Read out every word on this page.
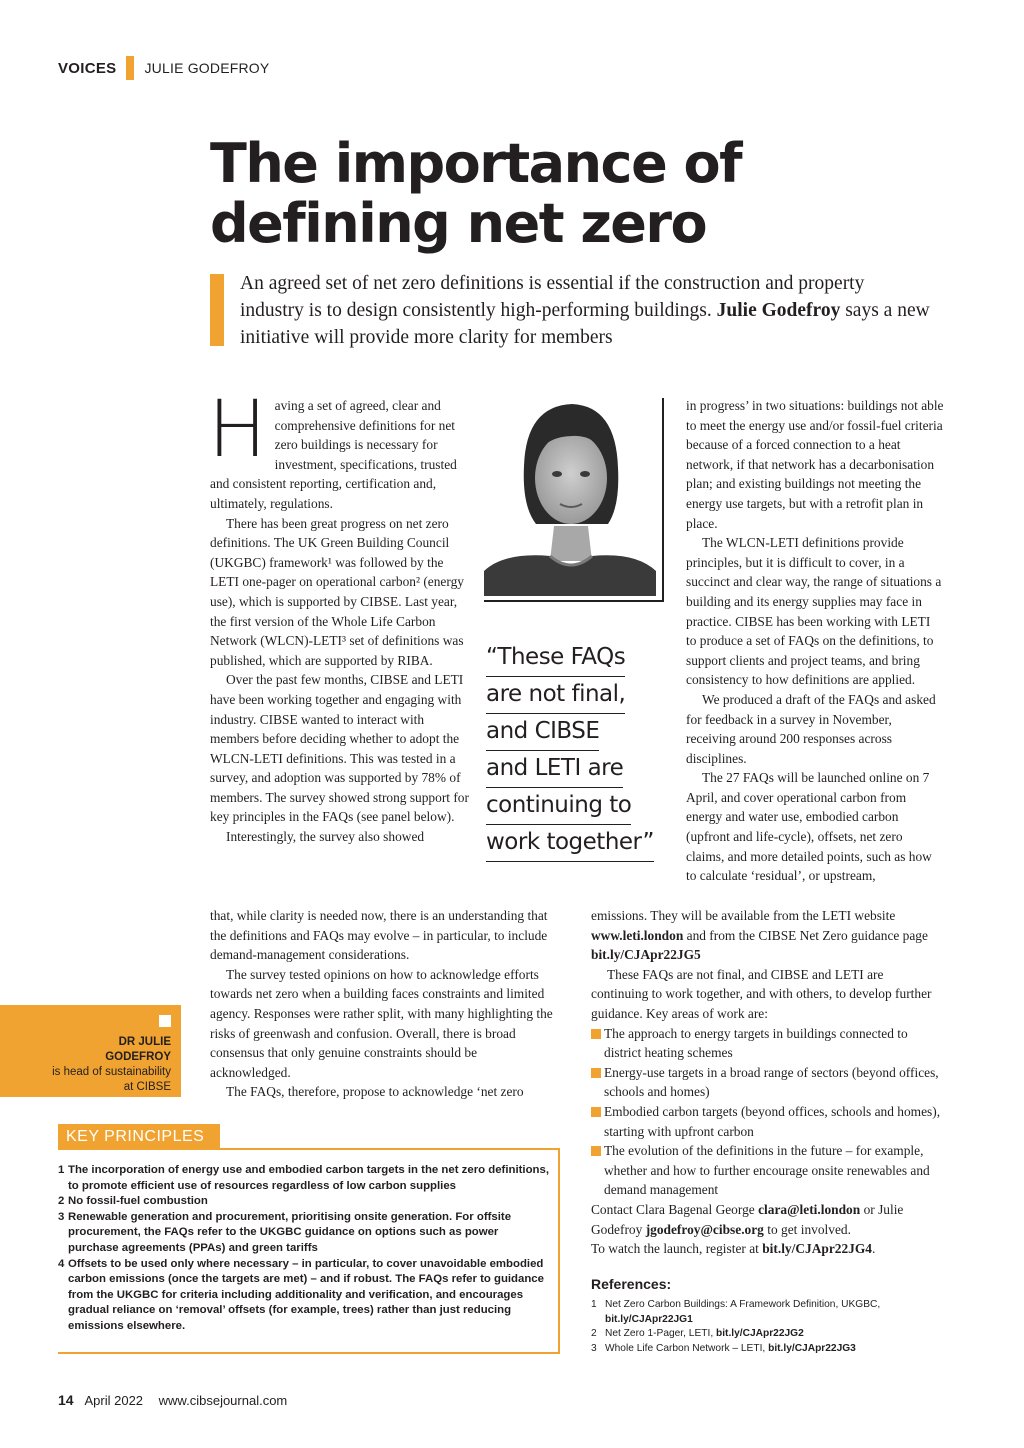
VOICES JULIE GODEFROY
The importance of
defining net zero

An agreed set of net zero definitions is essential if the construction and property industry is to design consistently high-performing buildings. Julie Godefroy says a new initiative will provide more clarity for members

Having a set of agreed, clear and comprehensive definitions for net zero buildings is necessary for investment, specifications, trusted and consistent reporting, certification and, ultimately, regulations.

There has been great progress on net zero definitions. The UK Green Building Council (UKGBC) framework¹ was followed by the LETI one-pager on operational carbon² (energy use), which is supported by CIBSE. Last year, the first version of the Whole Life Carbon Network (WLCN)-LETI³ set of definitions was published, which are supported by RIBA.

Over the past few months, CIBSE and LETI have been working together and engaging with industry. CIBSE wanted to interact with members before deciding whether to adopt the WLCN-LETI definitions. This was tested in a survey, and adoption was supported by 78% of members. The survey showed strong support for key principles in the FAQs (see panel below).

Interestingly, the survey also showed

that, while clarity is needed now, there is an understanding that the definitions and FAQs may evolve – in particular, to include demand-management considerations.

The survey tested opinions on how to acknowledge efforts towards net zero when a building faces constraints and limited agency. Responses were rather split, with many highlighting the risks of greenwash and confusion. Overall, there is broad consensus that only genuine constraints should be acknowledged.

The FAQs, therefore, propose to acknowledge ‘net zero

“These FAQs
are not final,
and CIBSE
and LETI are
continuing to
work together”

in progress’ in two situations: buildings not able to meet the energy use and/or fossil-fuel criteria because of a forced connection to a heat network, if that network has a decarbonisation plan; and existing buildings not meeting the energy use targets, but with a retrofit plan in place.

The WLCN-LETI definitions provide principles, but it is difficult to cover, in a succinct and clear way, the range of situations a building and its energy supplies may face in practice. CIBSE has been working with LETI to produce a set of FAQs on the definitions, to support clients and project teams, and bring consistency to how definitions are applied.

We produced a draft of the FAQs and asked for feedback in a survey in November, receiving around 200 responses across disciplines.

The 27 FAQs will be launched online on 7 April, and cover operational carbon from energy and water use, embodied carbon (upfront and life-cycle), offsets, net zero claims, and more detailed points, such as how to calculate ‘residual’, or upstream,

emissions. They will be available from the LETI website www.leti.london and from the CIBSE Net Zero guidance page bit.ly/CJApr22JG5

These FAQs are not final, and CIBSE and LETI are continuing to work together, and with others, to develop further guidance. Key areas of work are:

The approach to energy targets in buildings connected to district heating schemes
Energy-use targets in a broad range of sectors (beyond offices, schools and homes)
Embodied carbon targets (beyond offices, schools and homes), starting with upfront carbon
The evolution of the definitions in the future – for example, whether and how to further encourage onsite renewables and demand management

Contact Clara Bagenal George clara@leti.london or Julie Godefroy jgodefroy@cibse.org to get involved.

To watch the launch, register at bit.ly/CJApr22JG4.

DR JULIE
GODEFROY
is head of sustainability
at CIBSE
KEY PRINCIPLES
1 The incorporation of energy use and embodied carbon targets in the net zero definitions, to promote efficient use of resources regardless of low carbon supplies
2 No fossil-fuel combustion
3 Renewable generation and procurement, prioritising onsite generation. For offsite procurement, the FAQs refer to the UKGBC guidance on options such as power purchase agreements (PPAs) and green tariffs
4 Offsets to be used only where necessary – in particular, to cover unavoidable embodied carbon emissions (once the targets are met) – and if robust. The FAQs refer to guidance from the UKGBC for criteria including additionality and verification, and encourages gradual reliance on ‘removal’ offsets (for example, trees) rather than just reducing emissions elsewhere.
References:
1 Net Zero Carbon Buildings: A Framework Definition, UKGBC,
bit.ly/CJApr22JG1
2 Net Zero 1-Pager, LETI, bit.ly/CJApr22JG2
3 Whole Life Carbon Network – LETI, bit.ly/CJApr22JG3
14 April 2022 www.cibsejournal.com
